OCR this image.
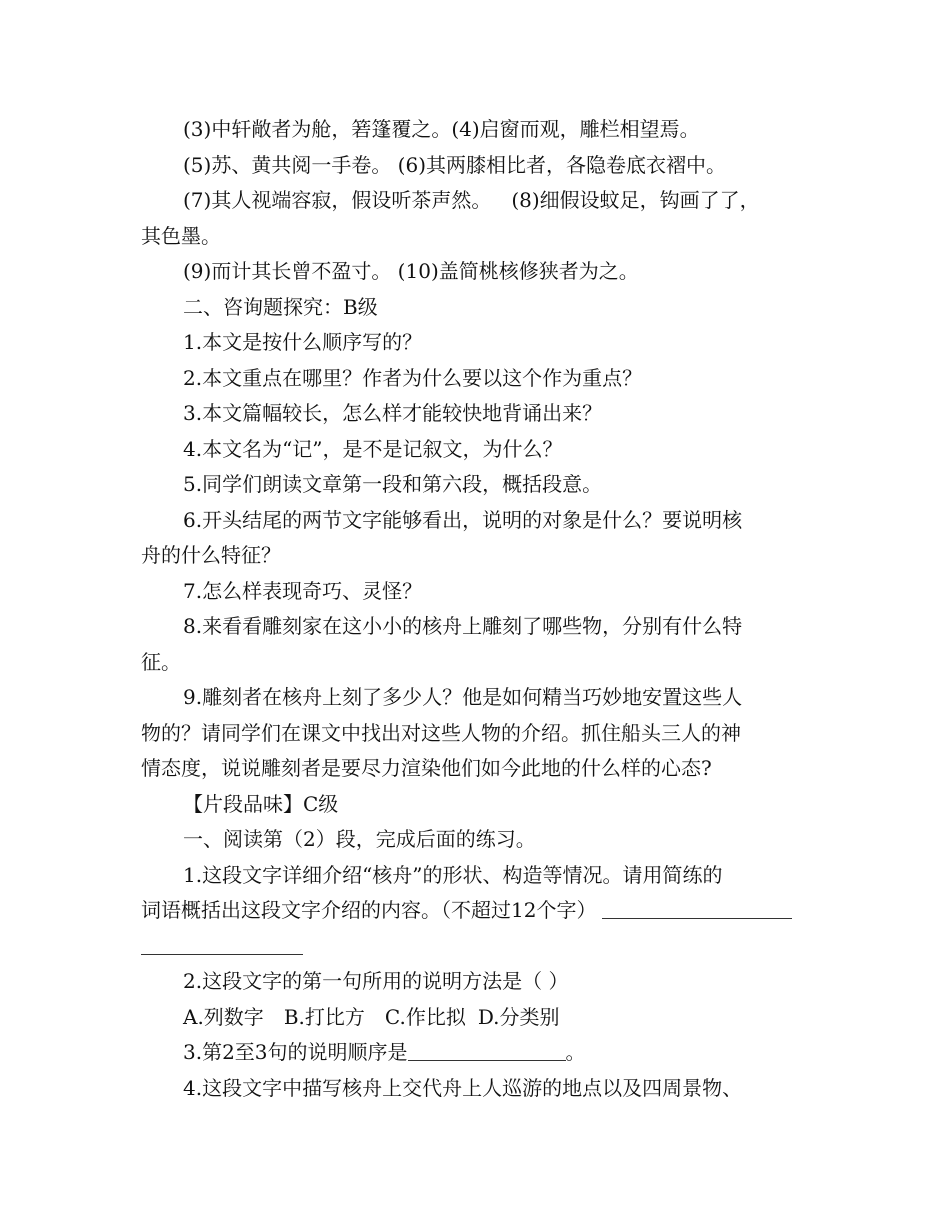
(3)中轩敞者为舱，箬篷覆之。(4)启窗而观，雕栏相望焉。
(5)苏、黄共阅一手卷。 (6)其两膝相比者，各隐卷底衣褶中。
(7)其人视端容寂，假设听茶声然。 (8)细假设蚊足，钩画了了，
其色墨。
(9)而计其长曾不盈寸。 (10)盖简桃核修狭者为之。
二、咨询题探究：B级
1.本文是按什么顺序写的？
2.本文重点在哪里？作者为什么要以这个作为重点？
3.本文篇幅较长，怎么样才能较快地背诵出来？
4.本文名为“记”，是不是记叙文，为什么？
5.同学们朗读文章第一段和第六段，概括段意。
6.开头结尾的两节文字能够看出，说明的对象是什么？要说明核
舟的什么特征？
7.怎么样表现奇巧、灵怪？
8.来看看雕刻家在这小小的核舟上雕刻了哪些物，分别有什么特
征。
9.雕刻者在核舟上刻了多少人？他是如何精当巧妙地安置这些人
物的？请同学们在课文中找出对这些人物的介绍。抓住船头三人的神
情态度，说说雕刻者是要尽力渲染他们如今此地的什么样的心态?
【片段品味】C级
一、阅读第（2）段，完成后面的练习。
1.这段文字详细介绍“核舟”的形状、构造等情况。请用简练的
词语概括出这段文字介绍的内容。（不超过12个字）
2.这段文字的第一句所用的说明方法是（ ）
A.列数字 B.打比方 C.作比拟 D.分类别
3.第2至3句的说明顺序是	。
4.这段文字中描写核舟上交代舟上人巡游的地点以及四周景物、
